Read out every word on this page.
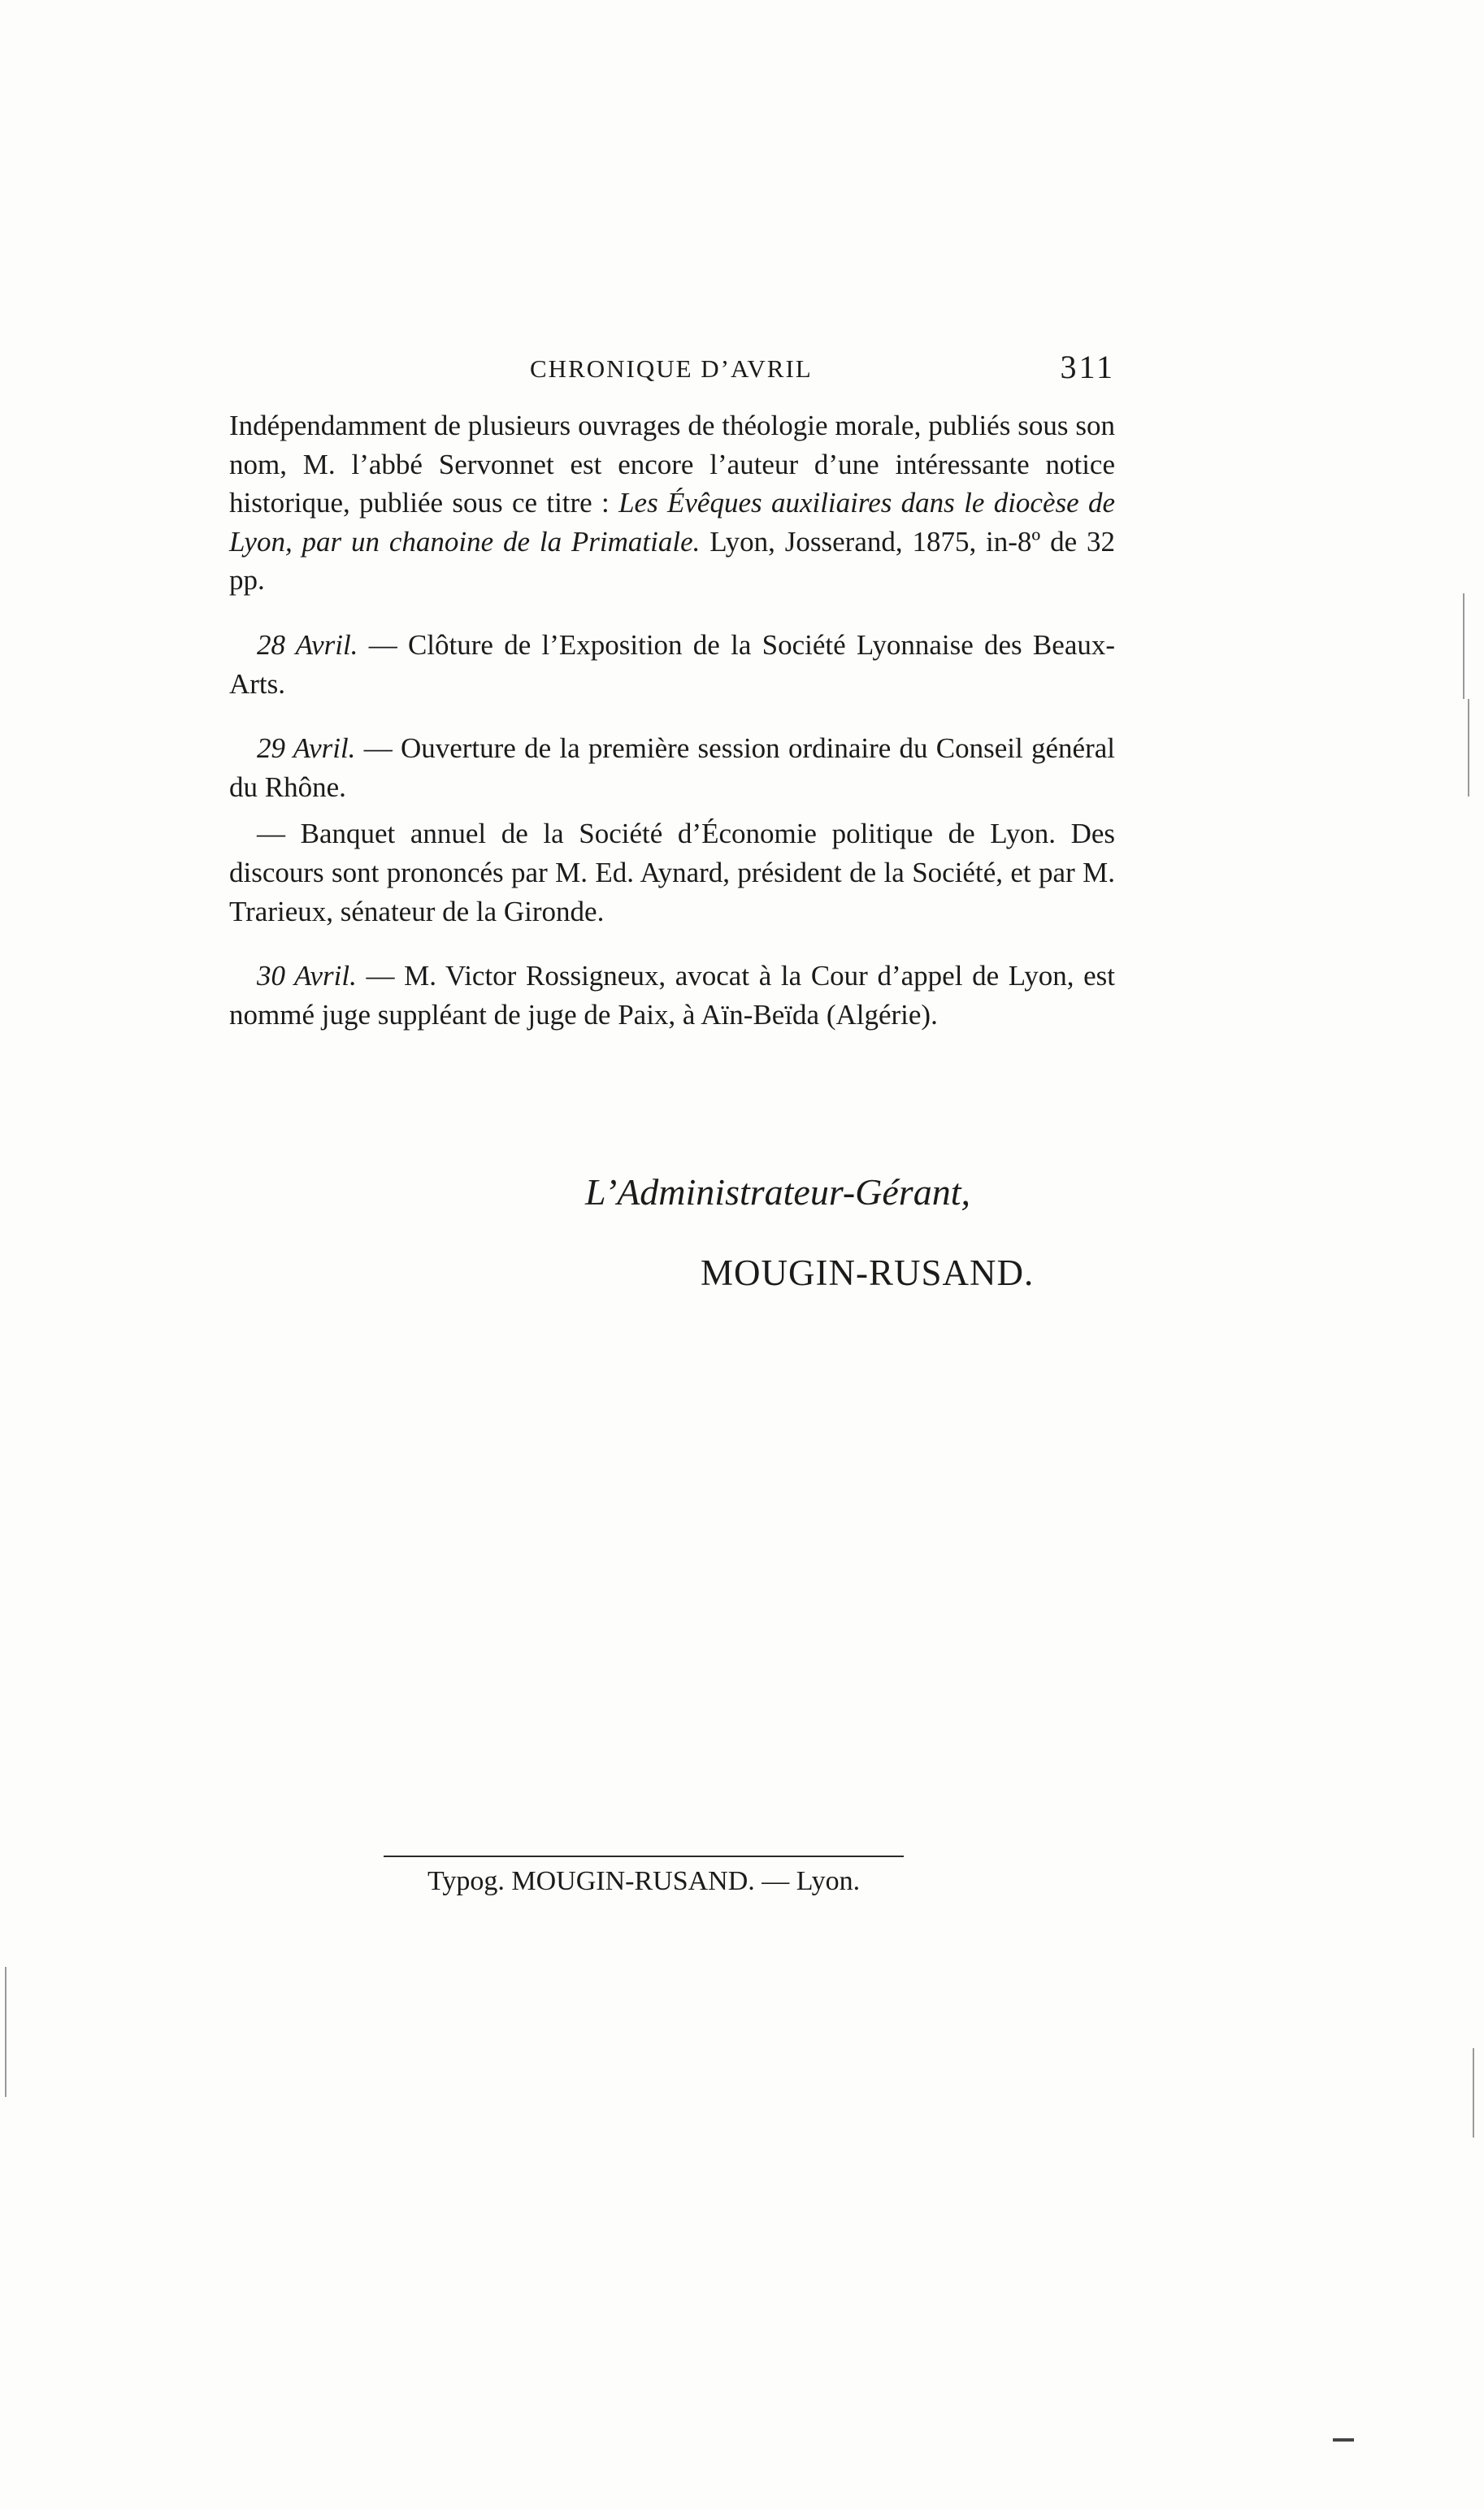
CHRONIQUE D’AVRIL	311

Indépendamment de plusieurs ouvrages de théologie morale, publiés sous son nom, M. l’abbé Servonnet est encore l’auteur d’une intéressante notice historique, publiée sous ce titre : Les Évêques auxiliaires dans le diocèse de Lyon, par un chanoine de la Primatiale. Lyon, Josserand, 1875, in-8º de 32 pp.

28 Avril. — Clôture de l’Exposition de la Société Lyonnaise des Beaux-Arts.

29 Avril. — Ouverture de la première session ordinaire du Conseil général du Rhône.

— Banquet annuel de la Société d’Économie politique de Lyon. Des discours sont prononcés par M. Ed. Aynard, président de la Société, et par M. Trarieux, sénateur de la Gironde.

30 Avril. — M. Victor Rossigneux, avocat à la Cour d’appel de Lyon, est nommé juge suppléant de juge de Paix, à Aïn-Beïda (Algérie).

L’Administrateur-Gérant,
MOUGIN-RUSAND.
Typog. MOUGIN-RUSAND. — Lyon.
